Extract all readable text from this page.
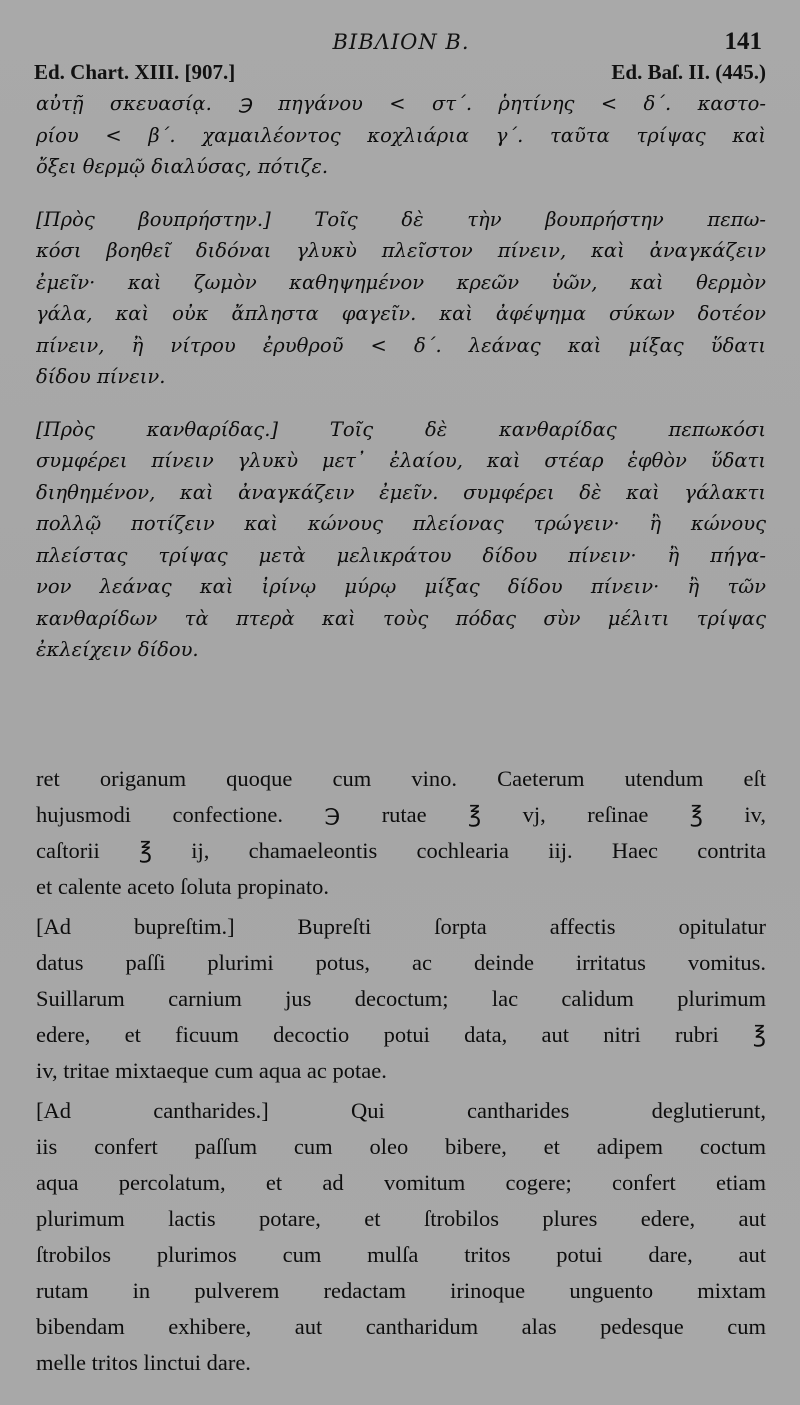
ΒΙΒΛΙΟΝ Β.	141
Ed. Chart. XIII. [907.]	Ed. Baſ. II. (445.)
αὐτῇ σκευασίᾳ. ℈ πηγάνου < στ΄. ῥητίνης < δ΄. καστο-
ρίου < β΄. χαμαιλέοντος κοχλιάρια γ΄. ταῦτα τρίψας καὶ
ὄξει θερμῷ διαλύσας, πότιζε.
[Πρὸς βουπρήστην.] Τοῖς δὲ τὴν βουπρήστην πεπω-
κόσι βοηθεῖ διδόναι γλυκὺ πλεῖστον πίνειν, καὶ ἀναγκάζειν
ἐμεῖν· καὶ ζωμὸν καθηψημένον κρεῶν ὑῶν, καὶ θερμὸν
γάλα, καὶ οὐκ ἄπληστα φαγεῖν. καὶ ἀφέψημα σύκων δοτέον
πίνειν, ἢ νίτρου ἐρυθροῦ < δ΄. λεάνας καὶ μίξας ὕδατι
δίδου πίνειν.
[Πρὸς κανθαρίδας.] Τοῖς δὲ κανθαρίδας πεπωκόσι
συμφέρει πίνειν γλυκὺ μετ᾽ ἐλαίου, καὶ στέαρ ἑφθὸν ὕδατι
διηθημένον, καὶ ἀναγκάζειν ἐμεῖν. συμφέρει δὲ καὶ γάλακτι
πολλῷ ποτίζειν καὶ κώνους πλείονας τρώγειν· ἢ κώνους
πλείστας τρίψας μετὰ μελικράτου δίδου πίνειν· ἢ πήγα-
νον λεάνας καὶ ἰρίνῳ μύρῳ μίξας δίδου πίνειν· ἢ τῶν
κανθαρίδων τὰ πτερὰ καὶ τοὺς πόδας σὺν μέλιτι τρίψας
ἐκλείχειν δίδου.
ret origanum quoque cum vino. Caeterum utendum eſt
hujusmodi confectione. ℈ rutae ℥ vj, reſinae ℥ iv,
caſtorii ℥ ij, chamaeleontis cochlearia iij. Haec contrita
et calente aceto ſoluta propinato.
[Ad bupreſtim.] Bupreſti ſorpta affectis opitulatur
datus paſſi plurimi potus, ac deinde irritatus vomitus.
Suillarum carnium jus decoctum; lac calidum plurimum
edere, et ficuum decoctio potui data, aut nitri rubri ℥
iv, tritae mixtaeque cum aqua ac potae.
[Ad cantharides.] Qui cantharides deglutierunt,
iis confert paſſum cum oleo bibere, et adipem coctum
aqua percolatum, et ad vomitum cogere; confert etiam
plurimum lactis potare, et ſtrobilos plures edere, aut
ſtrobilos plurimos cum mulſa tritos potui dare, aut
rutam in pulverem redactam irinoque unguento mixtam
bibendam exhibere, aut cantharidum alas pedesque cum
melle tritos linctui dare.
